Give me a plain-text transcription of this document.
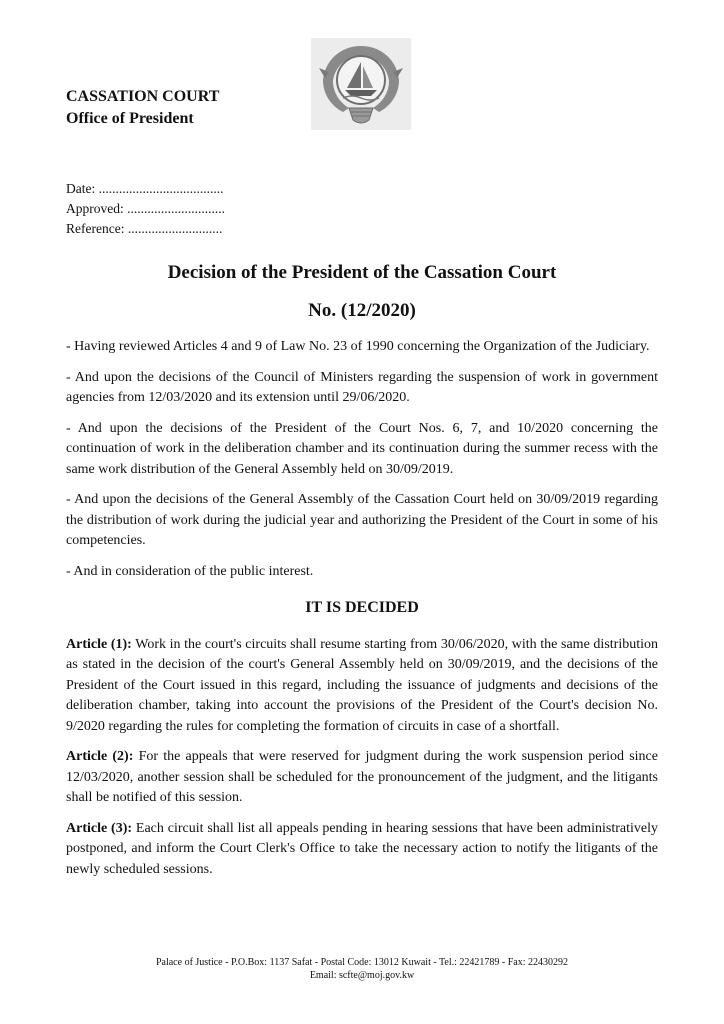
CASSATION COURT
Office of President
Date: .....................................
Approved: .............................
Reference: ............................
Decision of the President of the Cassation Court
No. (12/2020)

- Having reviewed Articles 4 and 9 of Law No. 23 of 1990 concerning the Organization of the Judiciary.

- And upon the decisions of the Council of Ministers regarding the suspension of work in government agencies from 12/03/2020 and its extension until 29/06/2020.

- And upon the decisions of the President of the Court Nos. 6, 7, and 10/2020 concerning the continuation of work in the deliberation chamber and its continuation during the summer recess with the same work distribution of the General Assembly held on 30/09/2019.

- And upon the decisions of the General Assembly of the Cassation Court held on 30/09/2019 regarding the distribution of work during the judicial year and authorizing the President of the Court in some of his competencies.

- And in consideration of the public interest.

IT IS DECIDED

Article (1): Work in the court's circuits shall resume starting from 30/06/2020, with the same distribution as stated in the decision of the court's General Assembly held on 30/09/2019, and the decisions of the President of the Court issued in this regard, including the issuance of judgments and decisions of the deliberation chamber, taking into account the provisions of the President of the Court's decision No. 9/2020 regarding the rules for completing the formation of circuits in case of a shortfall.

Article (2): For the appeals that were reserved for judgment during the work suspension period since 12/03/2020, another session shall be scheduled for the pronouncement of the judgment, and the litigants shall be notified of this session.

Article (3): Each circuit shall list all appeals pending in hearing sessions that have been administratively postponed, and inform the Court Clerk's Office to take the necessary action to notify the litigants of the newly scheduled sessions.

Palace of Justice - P.O.Box: 1137 Safat - Postal Code: 13012 Kuwait - Tel.: 22421789 - Fax: 22430292
Email: scfte@moj.gov.kw
